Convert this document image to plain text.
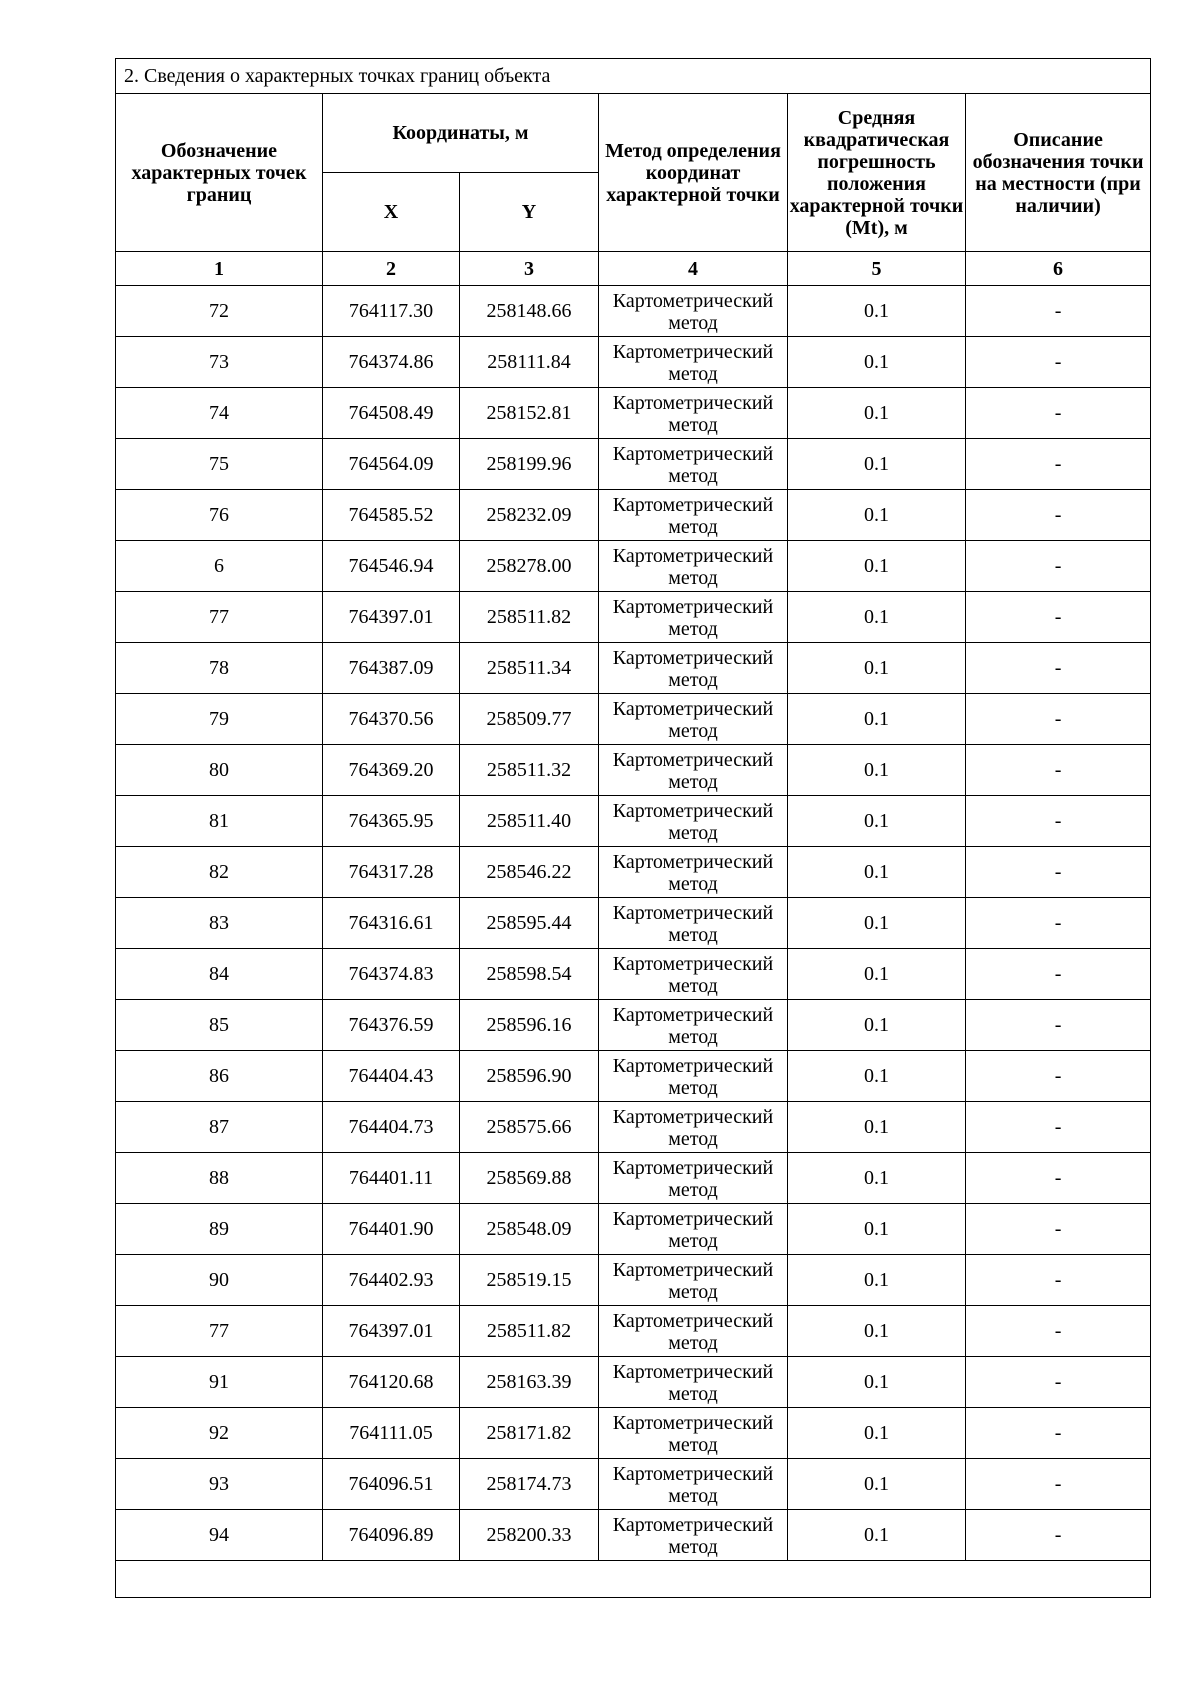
2. Сведения о характерных точках границ объекта					
Обозначение характерных точек границ	Координаты, м		Метод определения координат характерной точки	Средняя квадратическая погрешность положения характерной точки (Mt), м	Описание обозначения точки на местности (при наличии)
	X	Y			
1	2	3	4	5	6
72	764117.30	258148.66	Картометрический метод	0.1	-
73	764374.86	258111.84	Картометрический метод	0.1	-
74	764508.49	258152.81	Картометрический метод	0.1	-
75	764564.09	258199.96	Картометрический метод	0.1	-
76	764585.52	258232.09	Картометрический метод	0.1	-
6	764546.94	258278.00	Картометрический метод	0.1	-
77	764397.01	258511.82	Картометрический метод	0.1	-
78	764387.09	258511.34	Картометрический метод	0.1	-
79	764370.56	258509.77	Картометрический метод	0.1	-
80	764369.20	258511.32	Картометрический метод	0.1	-
81	764365.95	258511.40	Картометрический метод	0.1	-
82	764317.28	258546.22	Картометрический метод	0.1	-
83	764316.61	258595.44	Картометрический метод	0.1	-
84	764374.83	258598.54	Картометрический метод	0.1	-
85	764376.59	258596.16	Картометрический метод	0.1	-
86	764404.43	258596.90	Картометрический метод	0.1	-
87	764404.73	258575.66	Картометрический метод	0.1	-
88	764401.11	258569.88	Картометрический метод	0.1	-
89	764401.90	258548.09	Картометрический метод	0.1	-
90	764402.93	258519.15	Картометрический метод	0.1	-
77	764397.01	258511.82	Картометрический метод	0.1	-
91	764120.68	258163.39	Картометрический метод	0.1	-
92	764111.05	258171.82	Картометрический метод	0.1	-
93	764096.51	258174.73	Картометрический метод	0.1	-
94	764096.89	258200.33	Картометрический метод	0.1	-
